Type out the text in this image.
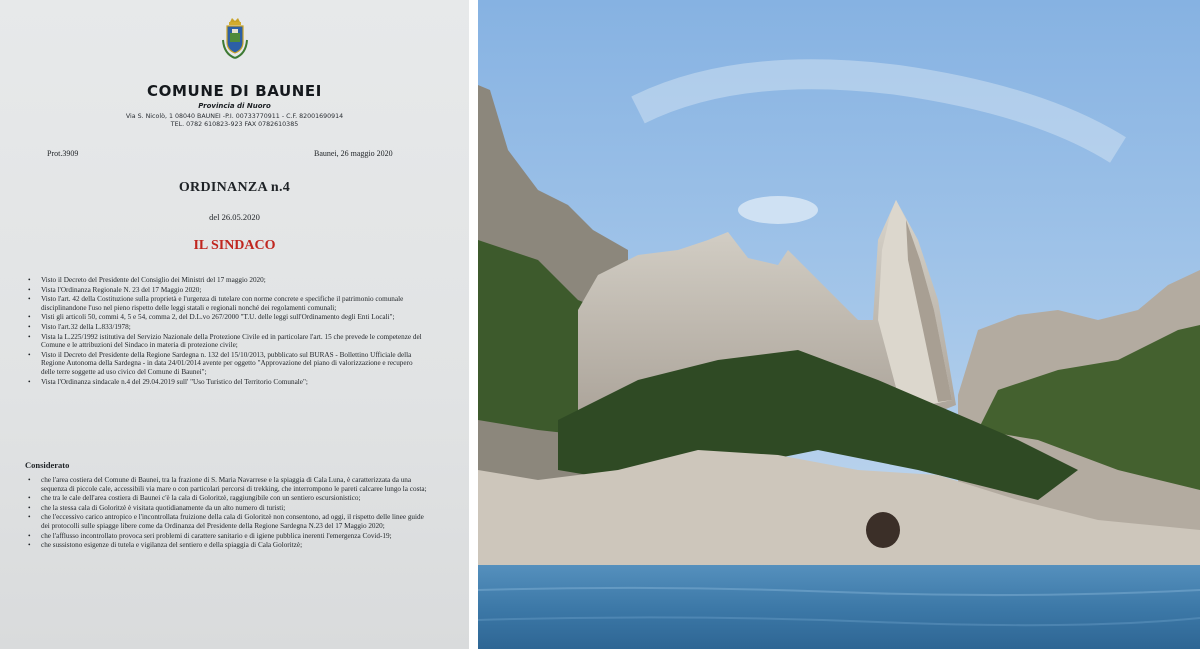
COMUNE DI BAUNEI
Provincia di Nuoro
Via S. Nicolò, 1 08040 BAUNEI -P.I. 00733770911 - C.F. 82001690914
TEL. 0782 610823-923 FAX 0782610385
Prot.3909	Baunei, 26 maggio 2020
ORDINANZA n.4
del 26.05.2020
IL SINDACO
• Visto il Decreto del Presidente del Consiglio dei Ministri del 17 maggio 2020;
• Vista l'Ordinanza Regionale N. 23 del 17 Maggio 2020;
• Visto l'art. 42 della Costituzione sulla proprietà e l'urgenza di tutelare con norme concrete e specifiche il patrimonio comunale disciplinandone l'uso nel pieno rispetto delle leggi statali e regionali nonché dei regolamenti comunali;
• Visti gli articoli 50, commi 4, 5 e 54, comma 2, del D.L.vo 267/2000 "T.U. delle leggi sull'Ordinamento degli Enti Locali";
• Visto l'art.32 della L.833/1978;
• Vista la L.225/1992 istitutiva del Servizio Nazionale della Protezione Civile ed in particolare l'art. 15 che prevede le competenze del Comune e le attribuzioni del Sindaco in materia di protezione civile;
• Visto il Decreto del Presidente della Regione Sardegna n. 132 del 15/10/2013, pubblicato sul BURAS - Bollettino Ufficiale della Regione Autonoma della Sardegna - in data 24/01/2014 avente per oggetto "Approvazione del piano di valorizzazione e recupero delle terre soggette ad uso civico del Comune di Baunei";
• Vista l'Ordinanza sindacale n.4 del 29.04.2019 sull' "Uso Turistico del Territorio Comunale";
Considerato
• che l'area costiera del Comune di Baunei, tra la frazione di S. Maria Navarrese e la spiaggia di Cala Luna, è caratterizzata da una sequenza di piccole cale, accessibili via mare o con particolari percorsi di trekking, che interrompono le pareti calcaree lungo la costa;
• che tra le cale dell'area costiera di Baunei c'è la cala di Goloritzè, raggiungibile con un sentiero escursionistico;
• che la stessa cala di Goloritzè è visitata quotidianamente da un alto numero di turisti;
• che l'eccessivo carico antropico e l'incontrollata fruizione della cala di Goloritzè non consentono, ad oggi, il rispetto delle linee guide dei protocolli sulle spiagge libere come da Ordinanza del Presidente della Regione Sardegna N.23 del 17 Maggio 2020;
• che l'afflusso incontrollato provoca seri problemi di carattere sanitario e di igiene pubblica inerenti l'emergenza Covid-19;
• che sussistono esigenze di tutela e vigilanza del sentiero e della spiaggia di Cala Goloritzè;
